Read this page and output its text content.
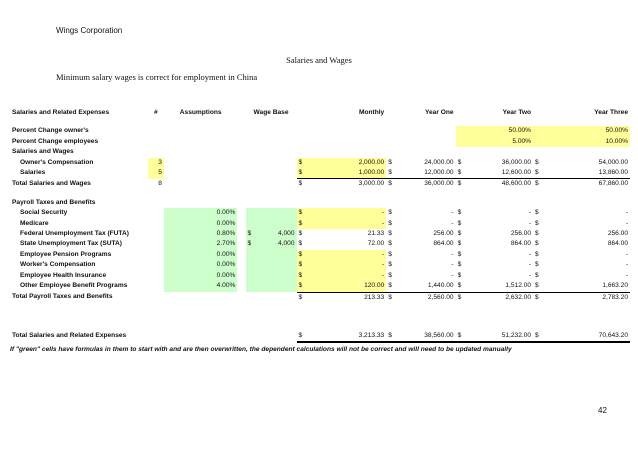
Wings Corporation
Salaries and Wages
Minimum salary wages is correct for employment in China
Salaries and Related Expenses	#	Assumptions		Wage Base			Monthly		Year One		Year Two		Year Three

Percent Change owner's											50.00%		50.00%
Percent Change employees											5.00%		10.00%
Salaries and Wages													
Owner's Compensation	3					$	2,000.00	$	24,000.00	$	36,000.00	$	54,000.00
Salaries	5					$	1,000.00	$	12,000.00	$	12,600.00	$	13,860.00
Total Salaries and Wages	8					$	3,000.00	$	36,000.00	$	48,600.00	$	67,860.00

Payroll Taxes and Benefits													
Social Security		0.00%				$	-	$	-	$	-	$	-
Medicare		0.00%				$	-	$	-	$	-	$	-
Federal Unemployment Tax (FUTA)		0.80%		$	4,000	$	21.33	$	256.00	$	256.00	$	256.00
State Unemployment Tax (SUTA)		2.70%		$	4,000	$	72.00	$	864.00	$	864.00	$	864.00
Employee Pension Programs		0.00%				$	-	$	-	$	-	$	-
Worker's Compensation		0.00%				$	-	$	-	$	-	$	-
Employee Health Insurance		0.00%				$	-	$	-	$	-	$	-
Other Employee Benefit Programs		4.00%				$	120.00	$	1,440.00	$	1,512.00	$	1,663.20
Total Payroll Taxes and Benefits						$	213.33	$	2,560.00	$	2,632.00	$	2,783.20

Total Salaries and Related Expenses						$	3,213.33	$	38,560.00	$	51,232.00	$	70,643.20
If "green" cells have formulas in them to start with and are then overwritten, the dependent calculations will not be correct and will need to be updated manually
42
